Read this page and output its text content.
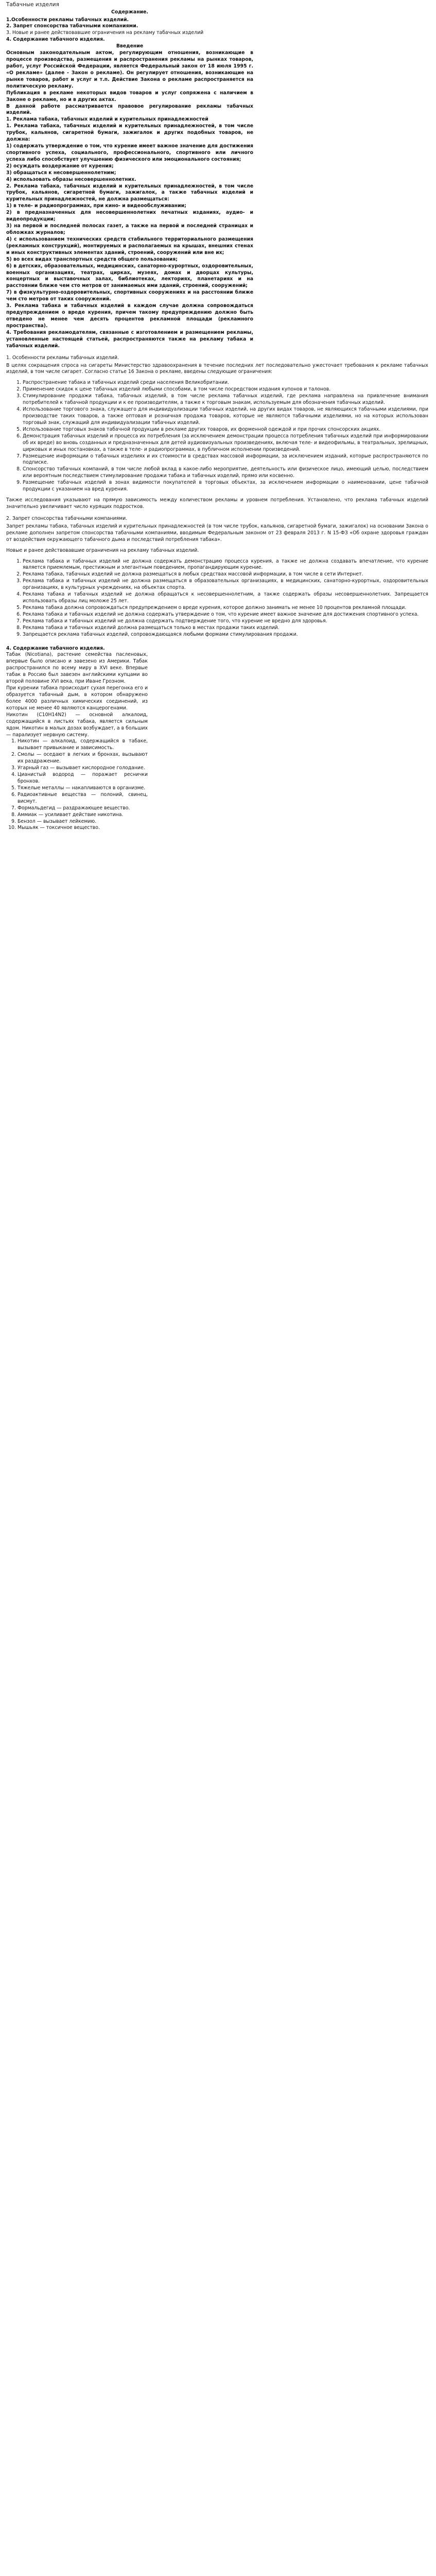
Табачные изделия

Содержание.

1.Особенности рекламы табачных изделий.

2. Запрет спонсорства табачными компаниями.

3. Новые и ранее действовавшие ограничения на рекламу табачных изделий

4. Содержание табачного изделия.

Введение

Основным законодательным актом, регулирующим отношения, возникающие в процессе производства, размещения и распространения рекламы на рынках товаров, работ, услуг Российской Федерации, является Федеральный закон от 18 июля 1995 г. «О рекламе» (далее - Закон о рекламе). Он регулирует отношения, возникающие на рынке товаров, работ и услуг и т.п. Действие Закона о рекламе распространяется на политическую рекламу.

Публикация в рекламе некоторых видов товаров и услуг сопряжена с наличием в Законе о рекламе, но и в других актах.

В данной работе рассматривается правовое регулирование рекламы табачных изделий.

1. Реклама табака, табачных изделий и курительных принадлежностей

1. Реклама табака, табачных изделий и курительных принадлежностей, в том числе трубок, кальянов, сигаретной бумаги, зажигалок и других подобных товаров, не должна:

1) содержать утверждение о том, что курение имеет важное значение для достижения спортивного успеха, социального, профессионального, спортивного или личного успеха либо способствует улучшению физического или эмоционального состояния;

2) осуждать воздержание от курения;

3) обращаться к несовершеннолетним;

4) использовать образы несовершеннолетних.

2. Реклама табака, табачных изделий и курительных принадлежностей, в том числе трубок, кальянов, сигаретной бумаги, зажигалок, а также табачных изделий и курительных принадлежностей, не должна размещаться:

1) в теле- и радиопрограммах, при кино- и видеообслуживании;

2) в предназначенных для несовершеннолетних печатных изданиях, аудио- и видеопродукции;

3) на первой и последней полосах газет, а также на первой и последней страницах и обложках журналов;

4) с использованием технических средств стабильного территориального размещения (рекламных конструкций), монтируемых и располагаемых на крышах, внешних стенах и иных конструктивных элементах зданий, строений, сооружений или вне их;

5) во всех видах транспортных средств общего пользования;

6) в детских, образовательных, медицинских, санаторно-курортных, оздоровительных, военных организациях, театрах, цирках, музеях, домах и дворцах культуры, концертных и выставочных залах, библиотеках, лекториях, планетариях и на расстоянии ближе чем сто метров от занимаемых ими зданий, строений, сооружений;

7) в физкультурно-оздоровительных, спортивных сооружениях и на расстоянии ближе чем сто метров от таких сооружений.

3. Реклама табака и табачных изделий в каждом случае должна сопровождаться предупреждением о вреде курения, причем такому предупреждению должно быть отведено не менее чем десять процентов рекламной площади (рекламного пространства).

4. Требования рекламодателям, связанные с изготовлением и размещением рекламы, установленные настоящей статьей, распространяются также на рекламу табака и табачных изделий.

1. Особенности рекламы табачных изделий.

В целях сокращения спроса на сигареты Министерство здравоохранения в течение последних лет последовательно ужесточает требования к рекламе табачных изделий, в том числе сигарет. Согласно статье 16 Закона о рекламе, введены следующие ограничения:

1. Распространение табака и табачных изделий среди населения Великобритании.
2. Применение скидок к цене табачных изделий любыми способами, в том числе посредством издания купонов и талонов.
3. Стимулирование продажи табака, табачных изделий, в том числе реклама табачных изделий, где реклама направлена на привлечение внимания потребителей к табачной продукции и к ее производителям, а также к торговым знакам, используемым для обозначения табачных изделий.
4. Использование торгового знака, служащего для индивидуализации табачных изделий, на других видах товаров, не являющихся табачными изделиями, при производстве таких товаров, а также оптовая и розничная продажа товаров, которые не являются табачными изделиями, но на которых использован торговый знак, служащий для индивидуализации табачных изделий.
5. Использование торговых знаков табачной продукции в рекламе других товаров, их форменной одеждой и при прочих спонсорских акциях.
6. Демонстрация табачных изделий и процесса их потребления (за исключением демонстрации процесса потребления табачных изделий при информировании об их вреде) во вновь созданных и предназначенных для детей аудиовизуальных произведениях, включая теле- и видеофильмы, в театральных, зрелищных, цирковых и иных постановках, а также в теле- и радиопрограммах, в публичном исполнении произведений.
7. Размещение информации о табачных изделиях и их стоимости в средствах массовой информации, за исключением изданий, которые распространяются по подписке.
8. Спонсорство табачных компаний, в том числе любой вклад в какое-либо мероприятие, деятельность или физическое лицо, имеющий целью, последствием или вероятным последствием стимулирование продажи табака и табачных изделий, прямо или косвенно.
9. Размещение табачных изделий в зонах видимости покупателей в торговых объектах, за исключением информации о наименовании, цене табачной продукции с указанием на вред курения.

Также исследования указывают на прямую зависимость между количеством рекламы и уровнем потребления. Установлено, что реклама табачных изделий значительно увеличивает число курящих подростков.

2. Запрет спонсорства табачными компаниями.

Запрет рекламы табака, табачных изделий и курительных принадлежностей (в том числе трубок, кальянов, сигаретной бумаги, зажигалок) на основании Закона о рекламе дополнен запретом спонсорства табачными компаниями, вводимым Федеральным законом от 23 февраля 2013 г. N 15-ФЗ «Об охране здоровья граждан от воздействия окружающего табачного дыма и последствий потребления табака».

Новые и ранее действовавшие ограничения на рекламу табачных изделий.

1. Реклама табака и табачных изделий не должна содержать демонстрацию процесса курения, а также не должна создавать впечатление, что курение является приемлемым, престижным и элегантным поведением, пропагандирующим курение.
2. Реклама табака, табачных изделий не должна размещаться в любых средствах массовой информации, в том числе в сети Интернет.
3. Реклама табака и табачных изделий не должна размещаться в образовательных организациях, в медицинских, санаторно-курортных, оздоровительных организациях, в культурных учреждениях, на объектах спорта.
4. Реклама табака и табачных изделий не должна обращаться к несовершеннолетним, а также содержать образы несовершеннолетних. Запрещается использовать образы лиц моложе 25 лет.
5. Реклама табака должна сопровождаться предупреждением о вреде курения, которое должно занимать не менее 10 процентов рекламной площади.
6. Реклама табака и табачных изделий не должна содержать утверждение о том, что курение имеет важное значение для достижения спортивного успеха.
7. Реклама табака и табачных изделий не должна содержать подтверждение того, что курение не вредно для здоровья.
8. Реклама табака и табачных изделий должна размещаться только в местах продажи таких изделий.
9. Запрещается реклама табачных изделий, сопровождающаяся любыми формами стимулирования продажи.

4. Содержание табачного изделия.

Табак (Nicotiana), растение семейства пасленовых, впервые было описано и завезено из Америки. Табак распространился по всему миру в XVI веке. Впервые табак в Россию был завезен английскими купцами во второй половине XVI века, при Иване Грозном.

При курении табака происходит сухая перегонка его и образуется табачный дым, в котором обнаружено более 4000 различных химических соединений, из которых не менее 40 являются канцерогенами.

Никотин (C10H14N2) — основной алкалоид, содержащийся в листьях табака, является сильным ядом. Никотин в малых дозах возбуждает, а в больших — парализует нервную систему.

1. Никотин — алкалоид, содержащийся в табаке, вызывает привыкание и зависимость.
2. Смолы — оседают в легких и бронхах, вызывают их раздражение.
3. Угарный газ — вызывает кислородное голодание.
4. Цианистый водород — поражает реснички бронхов.
5. Тяжелые металлы — накапливаются в организме.
6. Радиоактивные вещества — полоний, свинец, висмут.
7. Формальдегид — раздражающее вещество.
8. Аммиак — усиливает действие никотина.
9. Бензол — вызывает лейкемию.
10. Мышьяк — токсичное вещество.
